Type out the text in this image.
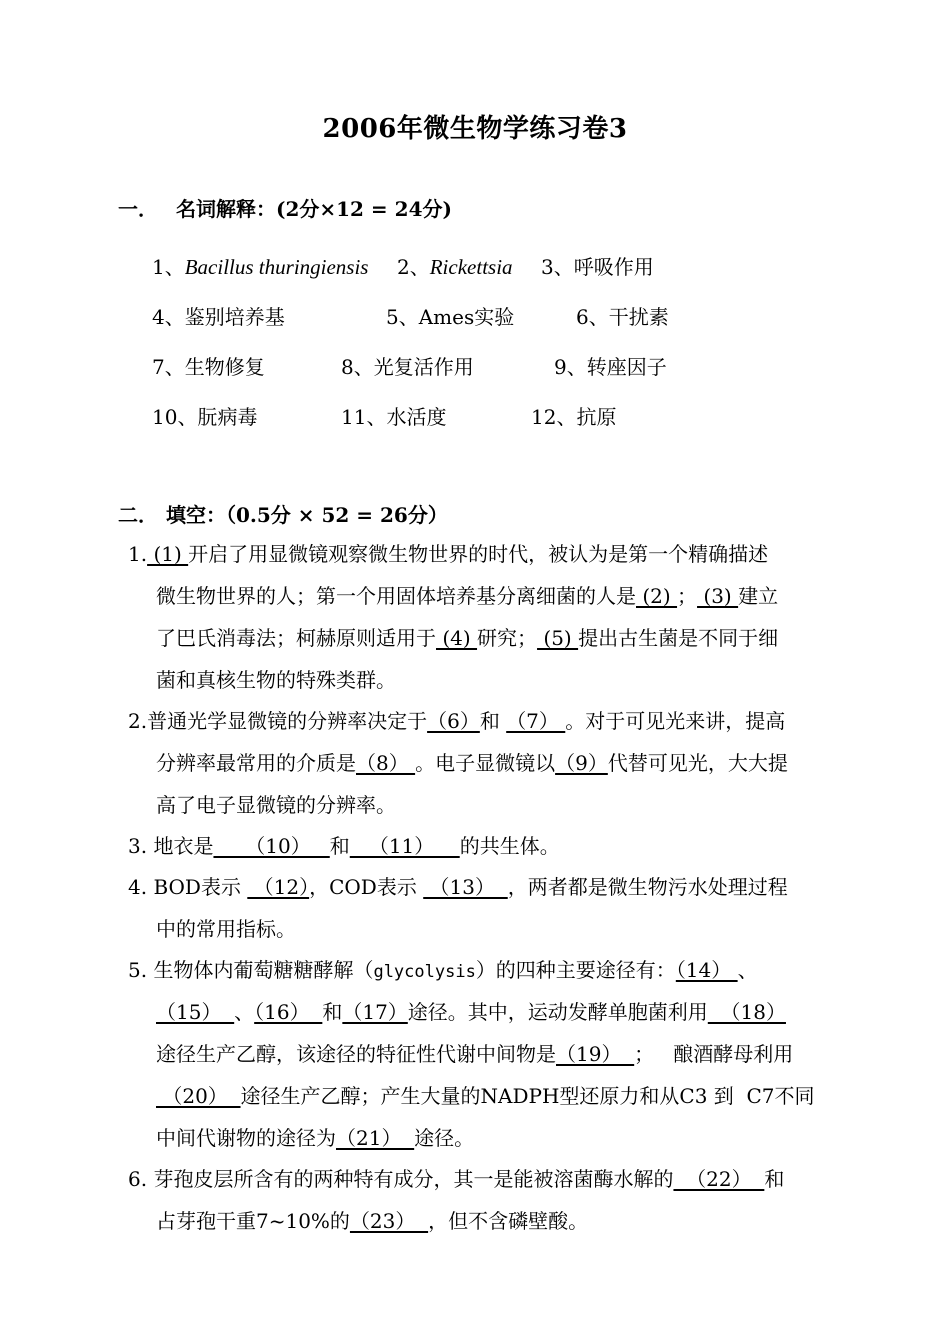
2006年微生物学练习卷3
一． 名词解释：(2分×12 = 24分)
1、Bacillus thuringiensis 2、Rickettsia 3、呼吸作用
4、鉴别培养基	5、Ames实验	6、干扰素
7、生物修复	8、光复活作用	9、转座因子
10、朊病毒	11、水活度	12、抗原
二． 填空：（0.5分 × 52 = 26分）
1. (1) 开启了用显微镜观察微生物世界的时代，被认为是第一个精确描述
微生物世界的人；第一个用固体培养基分离细菌的人是 (2) ； (3) 建立
了巴氏消毒法；柯赫原则适用于 (4) 研究； (5) 提出古生菌是不同于细
菌和真核生物的特殊类群。
2.普通光学显微镜的分辨率决定于（6）和 （7） 。对于可见光来讲，提高
分辨率最常用的介质是（8） 。电子显微镜以（9）代替可见光，大大提
高了电子显微镜的分辨率。
3. 地衣是     （10）   和   （11）    的共生体。
4. BOD表示  （12），COD表示  （13）  ，两者都是微生物污水处理过程
中的常用指标。
5. 生物体内葡萄糖糖酵解（glycolysis）的四种主要途径有：（14） 、
（15）  、（16）  和（17）途径。其中，运动发酵单胞菌利用  （18）
途径生产乙醇，该途径的特征性代谢中间物是（19）  ；   酿酒酵母利用
（20）  途径生产乙醇；产生大量的NADPH型还原力和从C3 到  C7不同
中间代谢物的途径为（21）  途径。
6. 芽孢皮层所含有的两种特有成分，其一是能被溶菌酶水解的  （22）  和
占芽孢干重7~10%的（23）  ，但不含磷壁酸。
